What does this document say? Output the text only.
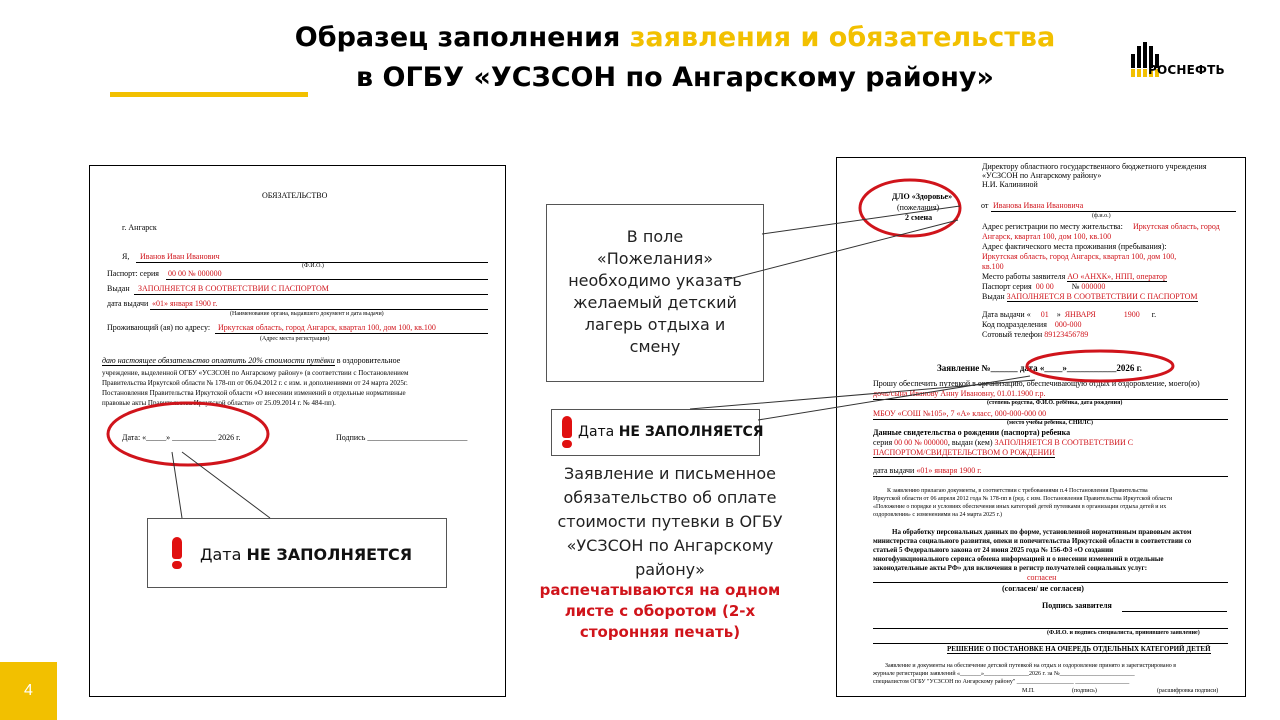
Образец заполнения заявления и обязательства
в ОГБУ «УСЗСОН по Ангарскому району»	РОСНЕФТЬ
ОБЯЗАТЕЛЬСТВО
г. Ангарск
Я, Иванов Иван Иванович
(Ф.И.О.)
Паспорт: серия 00 00 № 000000
Выдан ЗАПОЛНЯЕТСЯ В СООТВЕТСТВИИ С ПАСПОРТОМ
дата выдачи «01» января 1900 г.
(Наименование органа, выдавшего документ и дата выдачи)
Проживающий (ая) по адресу: Иркутская область, город Ангарск, квартал 100, дом 100, кв.100
(Адрес места регистрации)
даю настоящее обязательство оплатить 20% стоимости путёвки в оздоровительное
учреждение, выделенной ОГБУ «УСЗСОН по Ангарскому району» (в соответствии с Постановлением
Правительства Иркутской области № 178-пп от 06.04.2012 г. с изм. и дополнениями от 24 марта 2025г.
Постановления Правительства Иркутской области «О внесении изменений в отдельные нормативные
правовые акты Правительства Иркутской области» от 25.09.2014 г. № 484-пп).
Дата: «_____» ___________ 2026 г.	Подпись _________________________
Директору областного государственного бюджетного учреждения
«УСЗСОН по Ангарскому району»
Н.И. Калининой
ДЛО «Здоровье»
(пожелания)
2 смена
от Иванова Ивана Ивановича
(ф.и.о.)
Адрес регистрации по месту жительства: Иркутская область, город
Ангарск, квартал 100, дом 100, кв.100
Адрес фактического места проживания (пребывания):
Иркутская область, город Ангарск, квартал 100, дом 100,
кв.100
Место работы заявителя АО «АНХК», НПП, оператор
Паспорт серия 00 00 № 000000
Выдан ЗАПОЛНЯЕТСЯ В СООТВЕТСТВИИ С ПАСПОРТОМ
Дата выдачи « 01    »  ЯНВАРЯ	1900 г.
Код подразделения 000-000
Сотовый телефон 89123456789
Заявление №______ дата «____»___________2026 г.
Прошу обеспечить путевкой в организацию, обеспечивающую отдых и оздоровление, моего(ю)
дочь/сына Иванову Анну Ивановну, 01.01.1900 г.р.
(степень родства, Ф.И.О. ребёнка, дата рождения)
МБОУ «СОШ №105», 7 «А» класс, 000-000-000 00
(место учебы ребенка, СНИЛС)
Данные свидетельства о рождении (паспорта) ребенка
серия 00 00 № 000000, выдан (кем) ЗАПОЛНЯЕТСЯ В СООТВЕТСТВИИ С
ПАСПОРТОМ/СВИДЕТЕЛЬСТВОМ О РОЖДЕНИИ
дата выдачи «01» января 1900 г.
К заявлению прилагаю документы, в соответствии с требованиями п.4 Постановления Правительства
Иркутской области от 06 апреля 2012 года № 178-пп в (ред. с изм. Постановления Правительства Иркутской области
«Положение о порядке и условиях обеспечения иных категорий детей путевками в организации отдыха детей и их
оздоровления» с изменениями на 24 марта 2025 г.)
На обработку персональных данных по форме, установленной нормативным правовым актом
министерства социального развития, опеки и попечительства Иркутской области в соответствии со
статьей 5 Федерального закона от 24 июня 2025 года № 156-ФЗ «О создании
многофункционального сервиса обмена информацией и о внесении изменений в отдельные
законодательные акты РФ» для включения в регистр получателей социальных услуг:
согласен
(согласен/ не согласен)
Подпись заявителя
(Ф.И.О. и подпись специалиста, принявшего заявление)
РЕШЕНИЕ О ПОСТАНОВКЕ НА ОЧЕРЕДЬ ОТДЕЛЬНЫХ КАТЕГОРИЙ ДЕТЕЙ
Заявление и документы на обеспечение детской путевкой на отдых и оздоровление принято и зарегистрировано в
журнале регистрации заявлений «_______»_______________2026 г. за №_________________________
специалистом ОГБУ "УСЗСОН по Ангарскому району" ___________________ __________________
М.П.	(подпись)	(расшифровка подписи)
В поле «Пожелания» необходимо указать желаемый детский лагерь отдыха и смену
Дата НЕ ЗАПОЛНЯЕТСЯ
Дата НЕ ЗАПОЛНЯЕТСЯ
Заявление и письменное обязательство об оплате стоимости путевки в ОГБУ «УСЗСОН по Ангарскому району»
распечатываются на одном листе с оборотом (2-х сторонняя печать)
4
